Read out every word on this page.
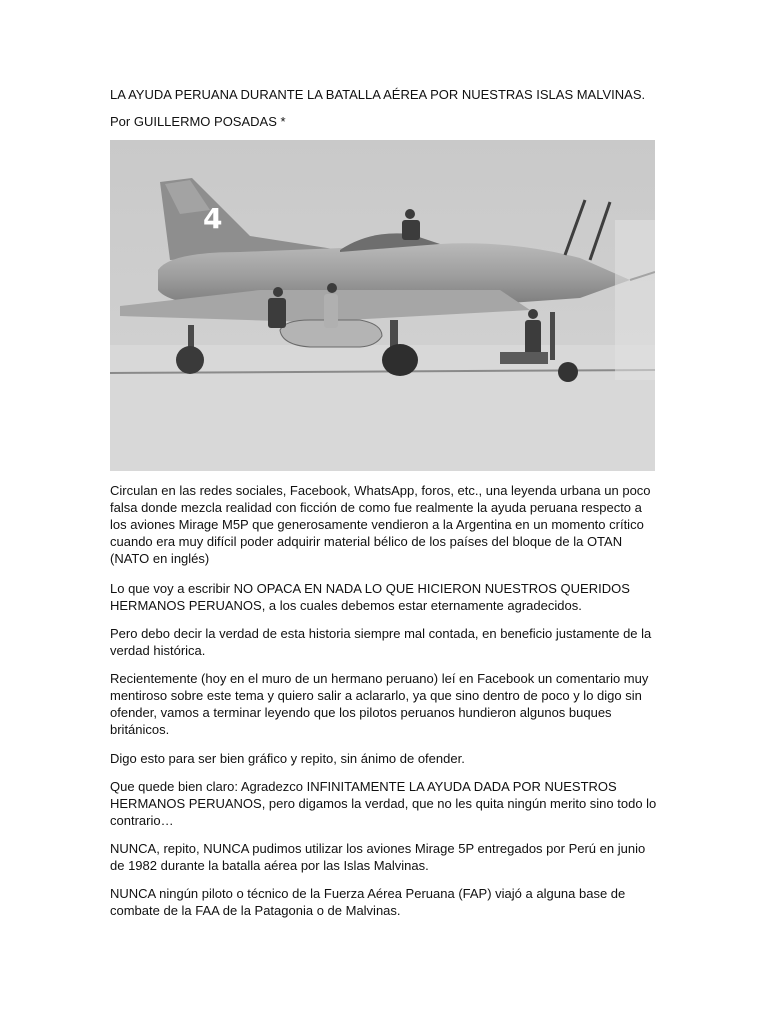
LA AYUDA PERUANA DURANTE LA BATALLA AÉREA POR NUESTRAS ISLAS MALVINAS.
Por GUILLERMO POSADAS *
4
Circulan en las redes sociales, Facebook, WhatsApp, foros, etc., una leyenda urbana un poco falsa donde mezcla realidad con ficción de como fue realmente la ayuda peruana respecto a los aviones Mirage M5P que generosamente vendieron a la Argentina en un momento crítico cuando era muy difícil poder adquirir material bélico de los países del bloque de la OTAN (NATO en inglés)
Lo que voy a escribir NO OPACA EN NADA LO QUE HICIERON NUESTROS QUERIDOS HERMANOS PERUANOS, a los cuales debemos estar eternamente agradecidos.
Pero debo decir la verdad de esta historia siempre mal contada, en beneficio justamente de la verdad histórica.
Recientemente (hoy en el muro de un hermano peruano) leí en Facebook un comentario muy mentiroso sobre este tema y quiero salir a aclararlo, ya que sino dentro de poco y lo digo sin ofender, vamos a terminar leyendo que los pilotos peruanos hundieron algunos buques británicos.
Digo esto para ser bien gráfico y repito, sin ánimo de ofender.
Que quede bien claro: Agradezco INFINITAMENTE LA AYUDA DADA POR NUESTROS HERMANOS PERUANOS, pero digamos la verdad, que no les quita ningún merito sino todo lo contrario…
NUNCA, repito, NUNCA pudimos utilizar los aviones Mirage 5P entregados por Perú en junio de 1982 durante la batalla aérea por las Islas Malvinas.
NUNCA ningún piloto o técnico de la Fuerza Aérea Peruana (FAP) viajó a alguna base de combate de la FAA de la Patagonia o de Malvinas.
